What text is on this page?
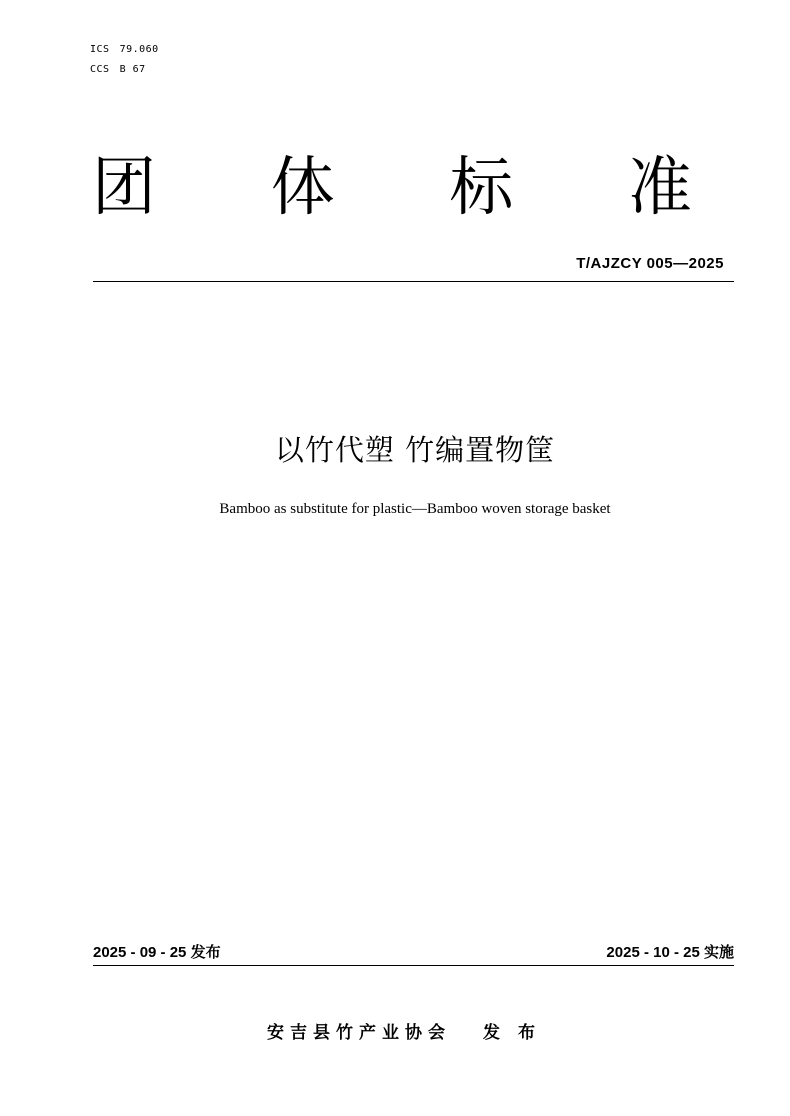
ICS 79.060
CCS B 67
团 体 标 准
T/AJZCY 005—2025
以竹代塑 竹编置物筐
Bamboo as substitute for plastic—Bamboo woven storage basket
2025 - 09 - 25 发布	2025 - 10 - 25 实施
安吉县竹产业协会 发 布
